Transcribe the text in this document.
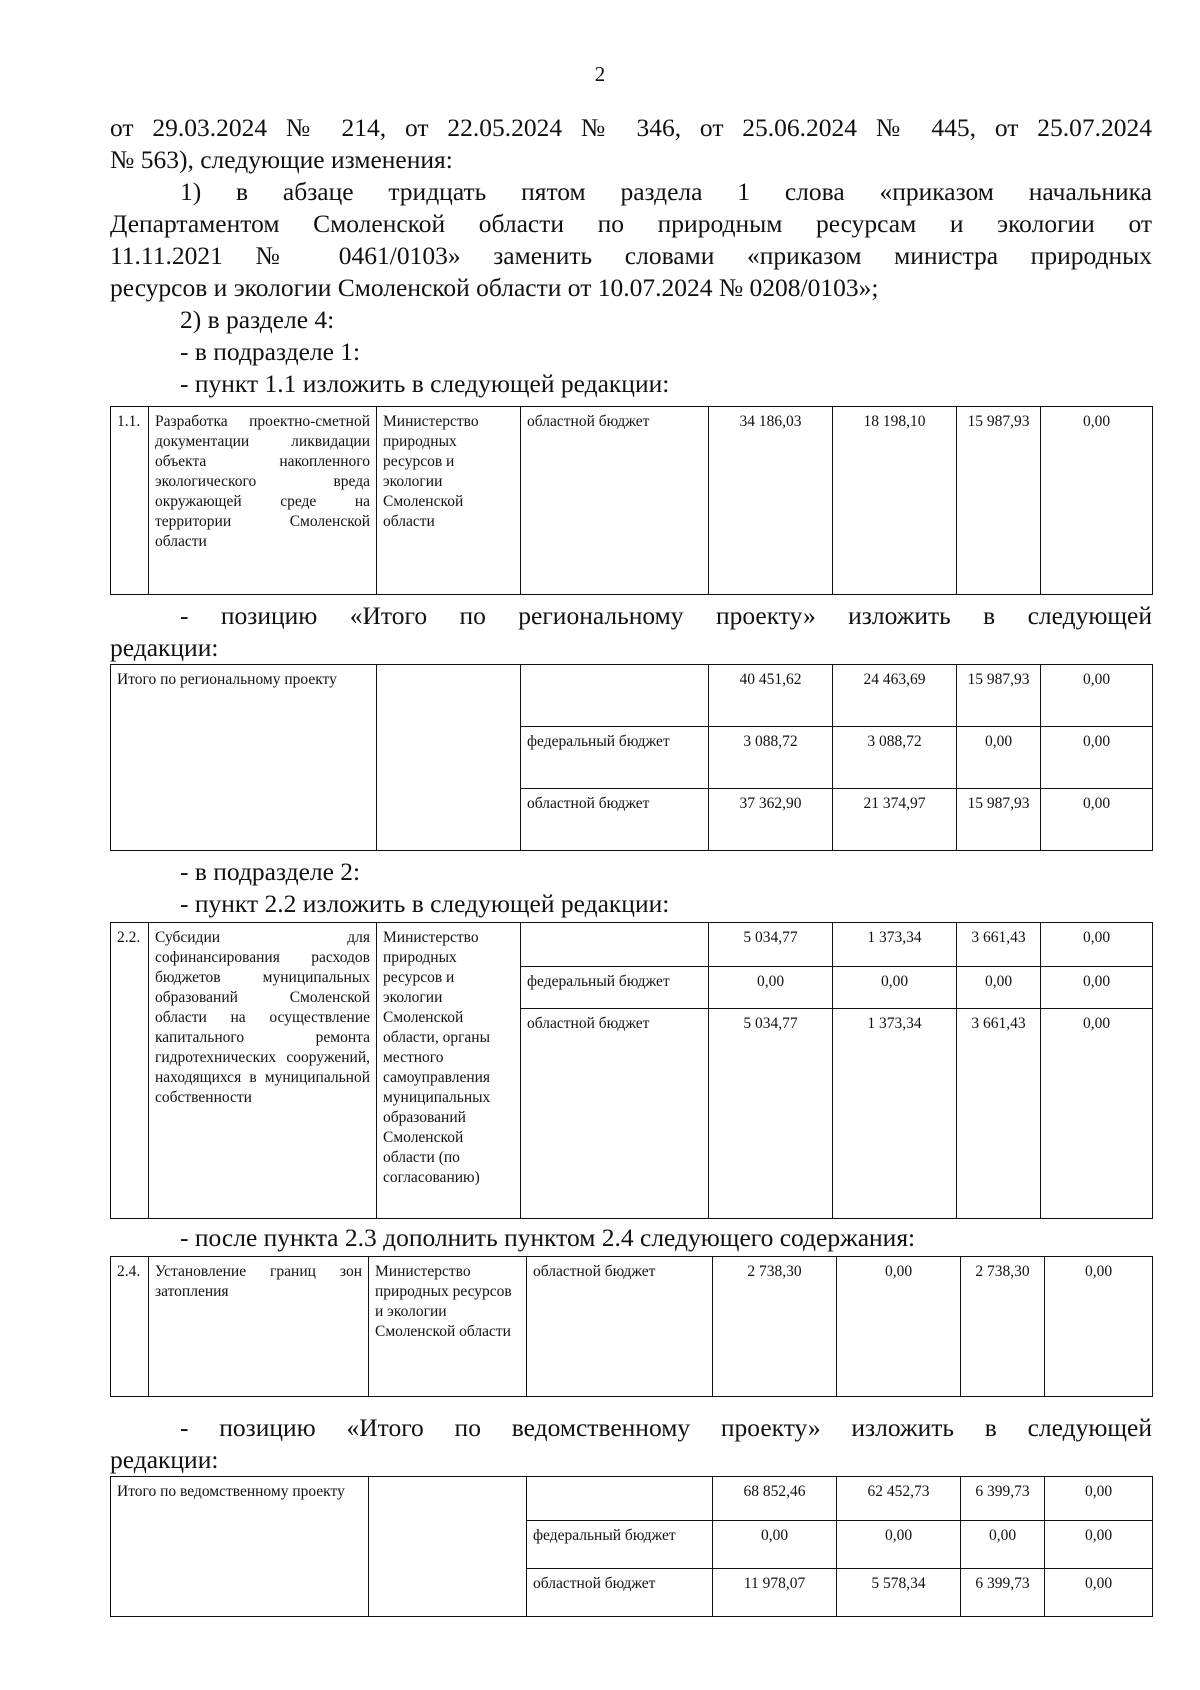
2
от 29.03.2024 № 214, от 22.05.2024 № 346, от 25.06.2024 № 445, от 25.07.2024
№ 563), следующие изменения:
1) в абзаце тридцать пятом раздела 1 слова «приказом начальника
Департаментом Смоленской области по природным ресурсам и экологии от
11.11.2021 № 0461/0103» заменить словами «приказом министра природных
ресурсов и экологии Смоленской области от 10.07.2024 № 0208/0103»;
2) в разделе 4:
- в подразделе 1:
- пункт 1.1 изложить в следующей редакции:
1.1.	Разработка проектно-сметной документации ликвидации объекта накопленного экологического вреда окружающей среде на территории Смоленской области	Министерство природных ресурсов и экологии Смоленской области	областной бюджет	34 186,03	18 198,10	15 987,93	0,00
- позицию «Итого по региональному проекту» изложить в следующей
редакции:
Итого по региональному проекту			40 451,62	24 463,69	15 987,93	0,00
		федеральный бюджет	3 088,72	3 088,72	0,00	0,00
		областной бюджет	37 362,90	21 374,97	15 987,93	0,00
- в подразделе 2:
- пункт 2.2 изложить в следующей редакции:
2.2.	Субсидии для софинансирования расходов бюджетов муниципальных образований Смоленской области на осуществление капитального ремонта гидротехнических сооружений, находящихся в муниципальной собственности	Министерство природных ресурсов и экологии Смоленской области, органы местного самоуправления муниципальных образований Смоленской области (по согласованию)		5 034,77	1 373,34	3 661,43	0,00
			федеральный бюджет	0,00	0,00	0,00	0,00
			областной бюджет	5 034,77	1 373,34	3 661,43	0,00
- после пункта 2.3 дополнить пунктом 2.4 следующего содержания:
2.4.	Установление границ зон затопления	Министерство природных ресурсов и экологии Смоленской области	областной бюджет	2 738,30	0,00	2 738,30	0,00
- позицию «Итого по ведомственному проекту» изложить в следующей
редакции:
Итого по ведомственному проекту			68 852,46	62 452,73	6 399,73	0,00
		федеральный бюджет	0,00	0,00	0,00	0,00
		областной бюджет	11 978,07	5 578,34	6 399,73	0,00
